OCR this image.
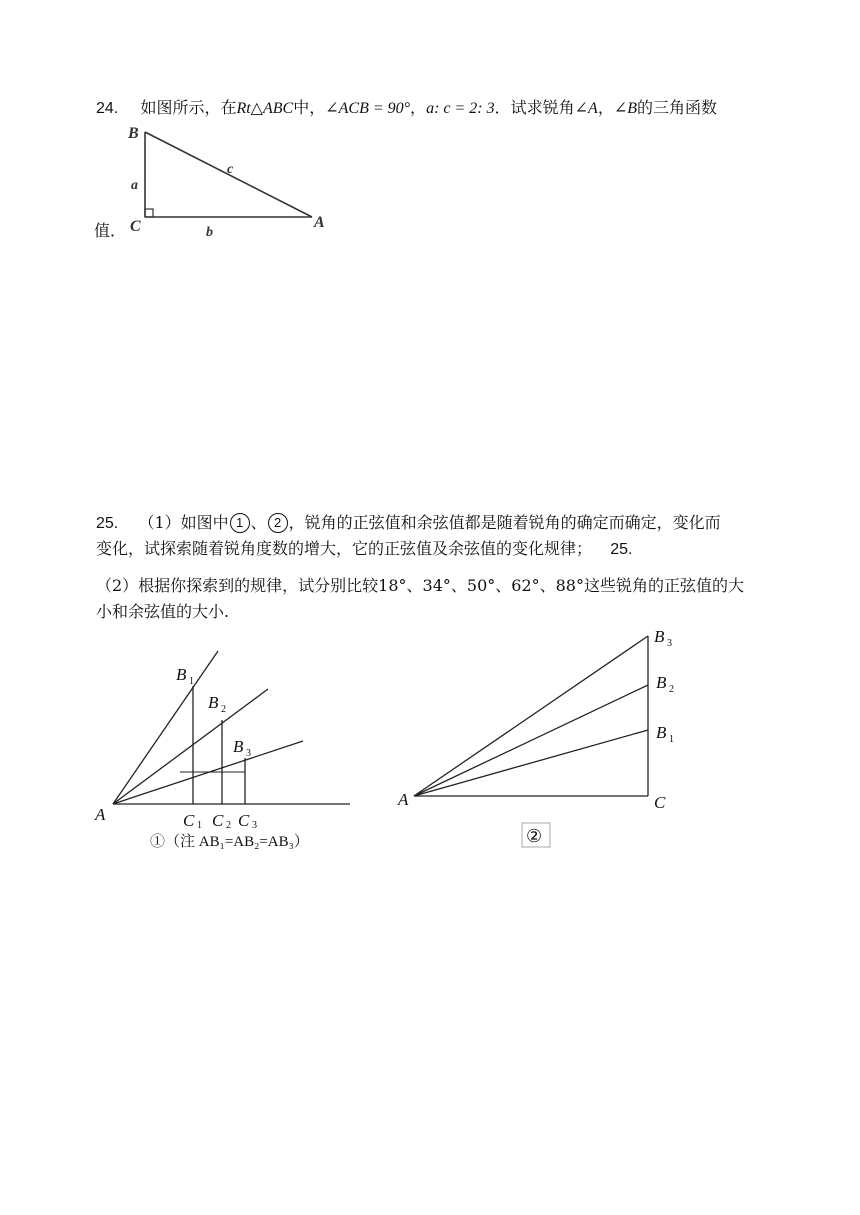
24. 如图所示，在Rt△ABC中，∠ACB = 90°，a: c = 2: 3．试求锐角∠A，∠B的三角函数
值．
B
C	A
a
b
c
25. （1）如图中 1 、 2 ，锐角的正弦值和余弦值都是随着锐角的确定而确定，变化而
变化，试探索随着锐角度数的增大，它的正弦值及余弦值的变化规律； 25.
（2）根据你探索到的规律，试分别比较18°、34°、50°、62°、88°这些锐角的正弦值的大
小和余弦值的大小.
A
B 1
B 2
B 3
C 1 C 2 C 3
①（注 AB₁=AB₂=AB₃）
A	C
B 3
B 2
B 1
②
